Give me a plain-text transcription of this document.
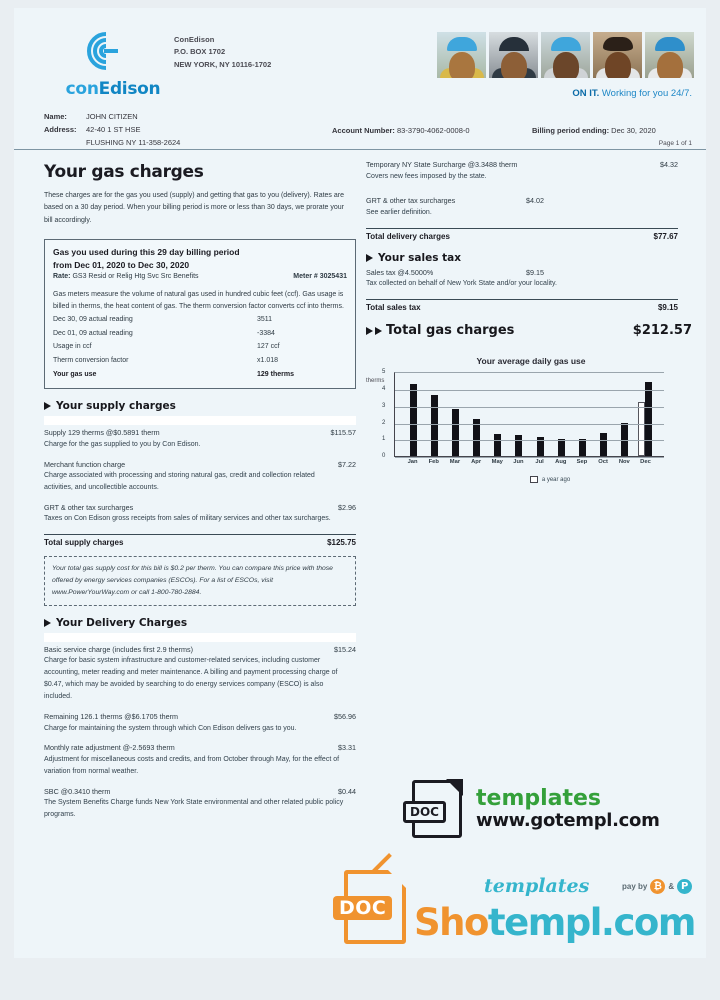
conEdison
ConEdison
P.O. BOX 1702
NEW YORK, NY 10116-1702
ON IT. Working for you 24/7.
Name:	JOHN CITIZEN
Address: 42-40 1 ST HSE
FLUSHING NY 11-358-2624
Account Number: 83-3790-4062-0008-0	Billing period ending: Dec 30, 2020
Page 1 of 1
Your gas charges
These charges are for the gas you used (supply) and getting that gas to you (delivery). Rates are based on a 30 day period. When your billing period is more or less than 30 days, we prorate your bill accordingly.
Gas you used during this 29 day billing period
from Dec 01, 2020 to Dec 30, 2020
Rate: GS3 Resid or Relig Htg Svc Src Benefits	Meter # 3025431

Gas meters measure the volume of natural gas used in hundred cubic feet (ccf). Gas usage is billed in therms, the heat content of gas. The therm conversion factor converts ccf into therms.

Dec 30, 09 actual reading	3511
Dec 01, 09 actual reading	-3384
Usage in ccf	127 ccf
Therm conversion factor	x1.018
Your gas use	129 therms
Your supply charges
Supply 129 therms @$0.5891 therm	$115.57
Charge for the gas supplied to you by Con Edison.
Merchant function charge	$7.22
Charge associated with processing and storing natural gas, credit and collection related activities, and uncollectible accounts.
GRT & other tax surcharges	$2.96
Taxes on Con Edison gross receipts from sales of military services and other tax surcharges.
Total supply charges	$125.75
Your total gas supply cost for this bill is $0.2 per therm. You can compare this price with those offered by energy services companies (ESCOs). For a list of ESCOs, visit www.PowerYourWay.com or call 1-800-780-2884.
Your Delivery Charges
Basic service charge (includes first 2.9 therms)	$15.24
Charge for basic system infrastructure and customer-related services, including customer accounting, meter reading and meter maintenance. A billing and payment processing charge of $0.47, which may be avoided by searching to do energy services company (ESCO) is also included.
Remaining 126.1 therms @$6.1705 therm	$56.96
Charge for maintaining the system through which Con Edison delivers gas to you.
Monthly rate adjustment @-2.5693 therm	$3.31
Adjustment for miscellaneous costs and credits, and from October through May, for the effect of variation from normal weather.
SBC @0.3410 therm	$0.44
The System Benefits Charge funds New York State environmental and other related public policy programs.
Temporary NY State Surcharge @3.3488 therm	$4.32
Covers new fees imposed by the state.
GRT & other tax surcharges	$4.02
See earlier definition.
Total delivery charges	$77.67
Your sales tax
Sales tax @4.5000%	$9.15
Tax collected on behalf of New York State and/or your locality.
Total sales tax	$9.15
Total gas charges	$212.57
Your average daily gas use
therms
0
1
2
3
4
5
Jan	Feb	Mar	Apr	May	Jun	Jul	Aug	Sep	Oct	Nov	Dec
a year ago
DOC
templates
www.gotempl.com
DOC
templates	pay by ₿ & P
Shotempl.com
